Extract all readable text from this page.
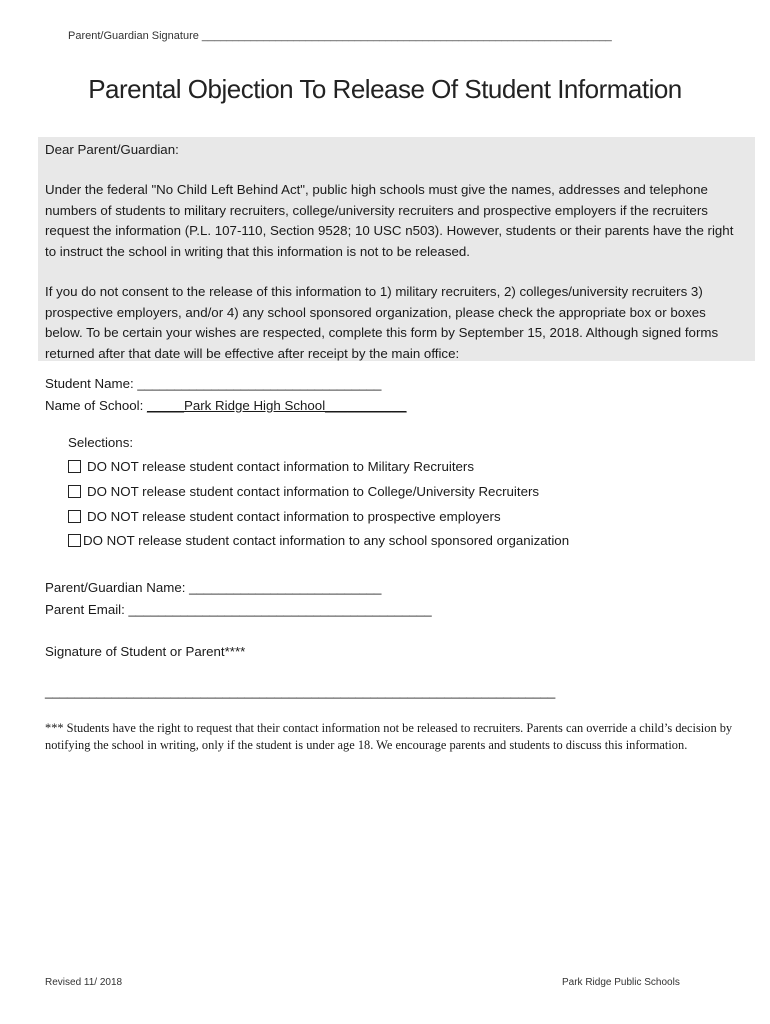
Parent/Guardian Signature ___________________________________________________________________
Parental Objection To Release Of Student Information
Dear Parent/Guardian:
Under the federal "No Child Left Behind Act", public high schools must give the names, addresses and telephone numbers of students to military recruiters, college/university recruiters and prospective employers if the recruiters request the information (P.L. 107-110, Section 9528; 10 USC n503). However, students or their parents have the right to instruct the school in writing that this information is not to be released.
If you do not consent to the release of this information to 1) military recruiters, 2) colleges/university recruiters 3) prospective employers, and/or 4) any school sponsored organization, please check the appropriate box or boxes below. To be certain your wishes are respected, complete this form by September 15, 2018. Although signed forms returned after that date will be effective after receipt by the main office:
Student Name: _________________________________
Name of School: _____Park Ridge High School___________
Selections:
DO NOT release student contact information to Military Recruiters
DO NOT release student contact information to College/University Recruiters
DO NOT release student contact information to prospective employers
DO NOT release student contact information to any school sponsored organization
Parent/Guardian Name: __________________________
Parent Email: _________________________________________
Signature of Student or Parent****
_____________________________________________________________________
*** Students have the right to request that their contact information not be released to recruiters. Parents can override a child’s decision by notifying the school in writing, only if the student is under age 18. We encourage parents and students to discuss this information.
Revised 11/ 2018	Park Ridge Public Schools
